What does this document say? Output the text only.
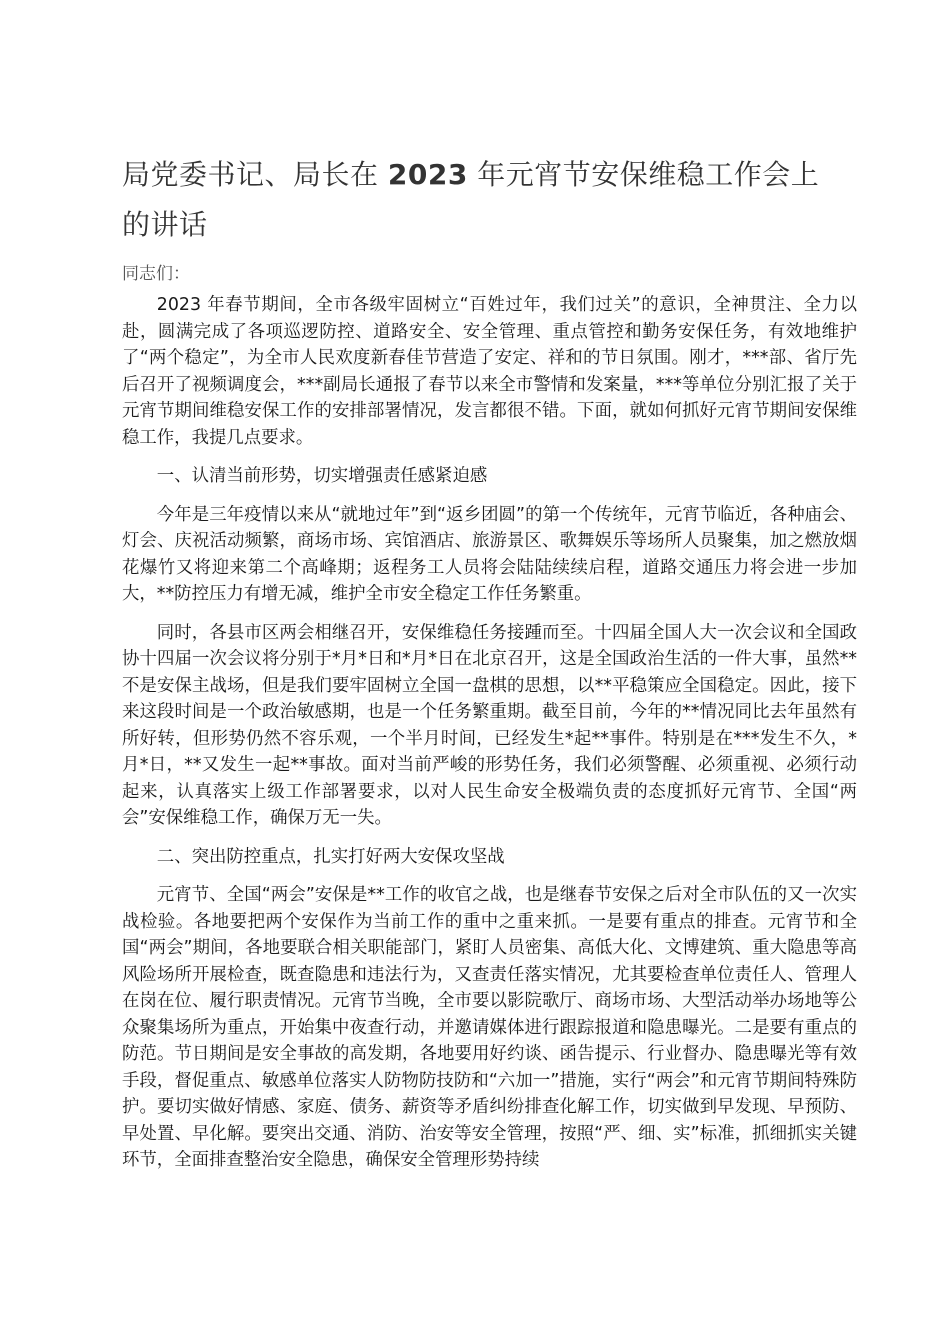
局党委书记、局长在 2023 年元宵节安保维稳工作会上的讲话

同志们：

2023 年春节期间，全市各级牢固树立“百姓过年，我们过关”的意识，全神贯注、全力以赴，圆满完成了各项巡逻防控、道路安全、安全管理、重点管控和勤务安保任务，有效地维护了“两个稳定”，为全市人民欢度新春佳节营造了安定、祥和的节日氛围。刚才，***部、省厅先后召开了视频调度会，***副局长通报了春节以来全市警情和发案量，***等单位分别汇报了关于元宵节期间维稳安保工作的安排部署情况，发言都很不错。下面，就如何抓好元宵节期间安保维稳工作，我提几点要求。

一、认清当前形势，切实增强责任感紧迫感

今年是三年疫情以来从“就地过年”到“返乡团圆”的第一个传统年，元宵节临近，各种庙会、灯会、庆祝活动频繁，商场市场、宾馆酒店、旅游景区、歌舞娱乐等场所人员聚集，加之燃放烟花爆竹又将迎来第二个高峰期；返程务工人员将会陆陆续续启程，道路交通压力将会进一步加大，**防控压力有增无减，维护全市安全稳定工作任务繁重。

同时，各县市区两会相继召开，安保维稳任务接踵而至。十四届全国人大一次会议和全国政协十四届一次会议将分别于*月*日和*月*日在北京召开，这是全国政治生活的一件大事，虽然**不是安保主战场，但是我们要牢固树立全国一盘棋的思想，以**平稳策应全国稳定。因此，接下来这段时间是一个政治敏感期，也是一个任务繁重期。截至目前，今年的**情况同比去年虽然有所好转，但形势仍然不容乐观，一个半月时间，已经发生*起**事件。特别是在***发生不久，*月*日，**又发生一起**事故。面对当前严峻的形势任务，我们必须警醒、必须重视、必须行动起来，认真落实上级工作部署要求，以对人民生命安全极端负责的态度抓好元宵节、全国“两会”安保维稳工作，确保万无一失。

二、突出防控重点，扎实打好两大安保攻坚战

元宵节、全国“两会”安保是**工作的收官之战，也是继春节安保之后对全市队伍的又一次实战检验。各地要把两个安保作为当前工作的重中之重来抓。一是要有重点的排查。元宵节和全国“两会”期间，各地要联合相关职能部门，紧盯人员密集、高低大化、文博建筑、重大隐患等高风险场所开展检查，既查隐患和违法行为，又查责任落实情况，尤其要检查单位责任人、管理人在岗在位、履行职责情况。元宵节当晚，全市要以影院歌厅、商场市场、大型活动举办场地等公众聚集场所为重点，开始集中夜查行动，并邀请媒体进行跟踪报道和隐患曝光。二是要有重点的防范。节日期间是安全事故的高发期，各地要用好约谈、函告提示、行业督办、隐患曝光等有效手段，督促重点、敏感单位落实人防物防技防和“六加一”措施，实行“两会”和元宵节期间特殊防护。要切实做好情感、家庭、债务、薪资等矛盾纠纷排查化解工作，切实做到早发现、早预防、早处置、早化解。要突出交通、消防、治安等安全管理，按照“严、细、实”标准，抓细抓实关键环节，全面排查整治安全隐患，确保安全管理形势持续
